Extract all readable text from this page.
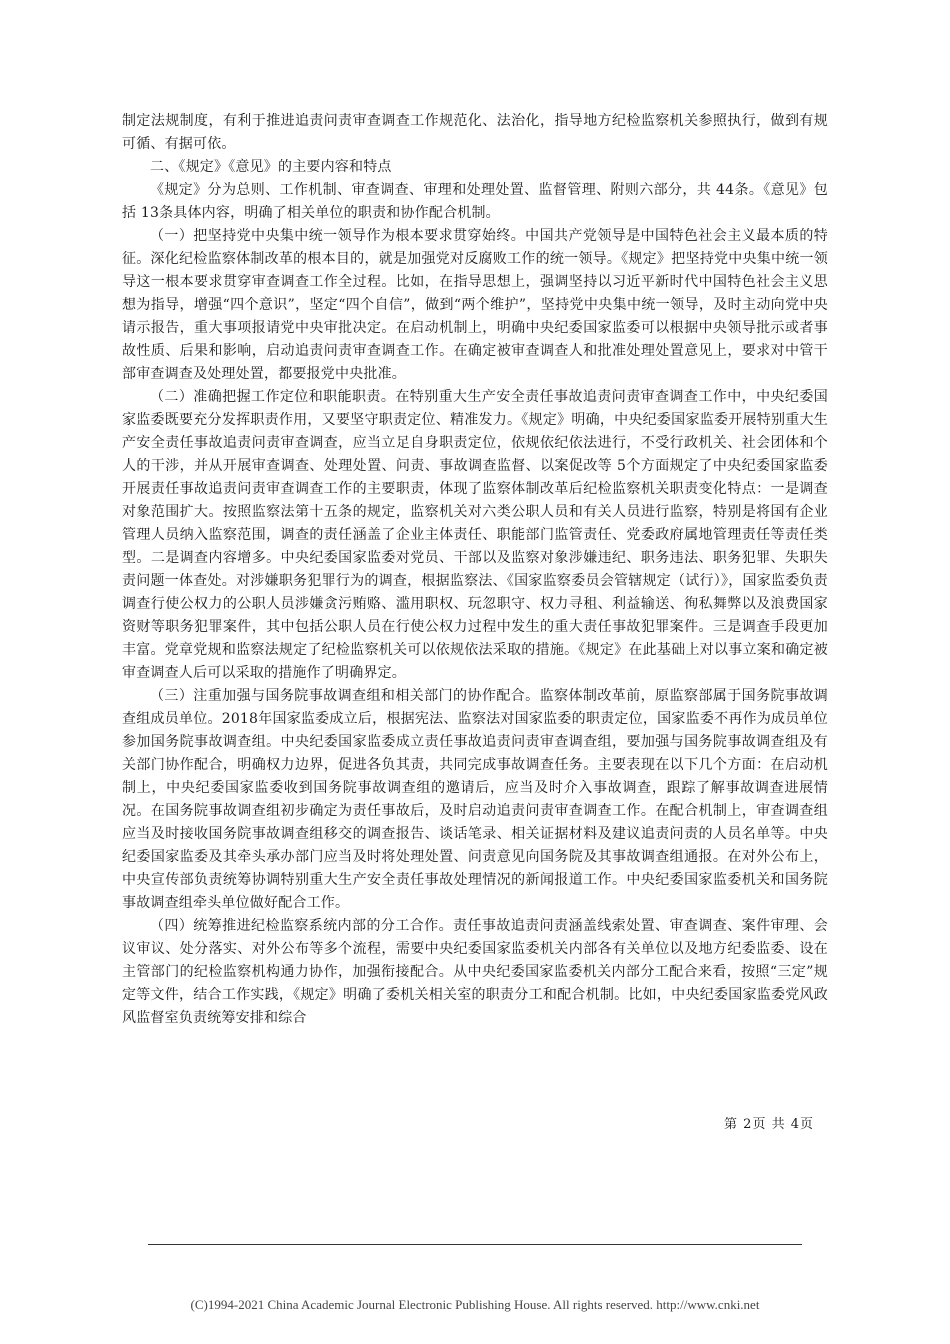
制定法规制度，有利于推进追责问责审查调查工作规范化、法治化，指导地方纪检监察机关参照执行，做到有规可循、有据可依。

二、《规定》《意见》的主要内容和特点

《规定》分为总则、工作机制、审查调查、审理和处理处置、监督管理、附则六部分，共 44条。《意见》包括 13条具体内容，明确了相关单位的职责和协作配合机制。

（一）把坚持党中央集中统一领导作为根本要求贯穿始终。中国共产党领导是中国特色社会主义最本质的特征。深化纪检监察体制改革的根本目的，就是加强党对反腐败工作的统一领导。《规定》把坚持党中央集中统一领导这一根本要求贯穿审查调查工作全过程。比如，在指导思想上，强调坚持以习近平新时代中国特色社会主义思想为指导，增强“四个意识”，坚定“四个自信”，做到“两个维护”，坚持党中央集中统一领导，及时主动向党中央请示报告，重大事项报请党中央审批决定。在启动机制上，明确中央纪委国家监委可以根据中央领导批示或者事故性质、后果和影响，启动追责问责审查调查工作。在确定被审查调查人和批准处理处置意见上，要求对中管干部审查调查及处理处置，都要报党中央批准。

（二）准确把握工作定位和职能职责。在特别重大生产安全责任事故追责问责审查调查工作中，中央纪委国家监委既要充分发挥职责作用，又要坚守职责定位、精准发力。《规定》明确，中央纪委国家监委开展特别重大生产安全责任事故追责问责审查调查，应当立足自身职责定位，依规依纪依法进行，不受行政机关、社会团体和个人的干涉，并从开展审查调查、处理处置、问责、事故调查监督、以案促改等 5个方面规定了中央纪委国家监委开展责任事故追责问责审查调查工作的主要职责，体现了监察体制改革后纪检监察机关职责变化特点：一是调查对象范围扩大。按照监察法第十五条的规定，监察机关对六类公职人员和有关人员进行监察，特别是将国有企业管理人员纳入监察范围，调查的责任涵盖了企业主体责任、职能部门监管责任、党委政府属地管理责任等责任类型。二是调查内容增多。中央纪委国家监委对党员、干部以及监察对象涉嫌违纪、职务违法、职务犯罪、失职失责问题一体查处。对涉嫌职务犯罪行为的调查，根据监察法、《国家监察委员会管辖规定（试行）》，国家监委负责调查行使公权力的公职人员涉嫌贪污贿赂、滥用职权、玩忽职守、权力寻租、利益输送、徇私舞弊以及浪费国家资财等职务犯罪案件，其中包括公职人员在行使公权力过程中发生的重大责任事故犯罪案件。三是调查手段更加丰富。党章党规和监察法规定了纪检监察机关可以依规依法采取的措施。《规定》在此基础上对以事立案和确定被审查调查人后可以采取的措施作了明确界定。

（三）注重加强与国务院事故调查组和相关部门的协作配合。监察体制改革前，原监察部属于国务院事故调查组成员单位。2018年国家监委成立后，根据宪法、监察法对国家监委的职责定位，国家监委不再作为成员单位参加国务院事故调查组。中央纪委国家监委成立责任事故追责问责审查调查组，要加强与国务院事故调查组及有关部门协作配合，明确权力边界，促进各负其责，共同完成事故调查任务。主要表现在以下几个方面：在启动机制上，中央纪委国家监委收到国务院事故调查组的邀请后，应当及时介入事故调查，跟踪了解事故调查进展情况。在国务院事故调查组初步确定为责任事故后，及时启动追责问责审查调查工作。在配合机制上，审查调查组应当及时接收国务院事故调查组移交的调查报告、谈话笔录、相关证据材料及建议追责问责的人员名单等。中央纪委国家监委及其牵头承办部门应当及时将处理处置、问责意见向国务院及其事故调查组通报。在对外公布上，中央宣传部负责统筹协调特别重大生产安全责任事故处理情况的新闻报道工作。中央纪委国家监委机关和国务院事故调查组牵头单位做好配合工作。

（四）统筹推进纪检监察系统内部的分工合作。责任事故追责问责涵盖线索处置、审查调查、案件审理、会议审议、处分落实、对外公布等多个流程，需要中央纪委国家监委机关内部各有关单位以及地方纪委监委、设在主管部门的纪检监察机构通力协作，加强衔接配合。从中央纪委国家监委机关内部分工配合来看，按照“三定”规定等文件，结合工作实践，《规定》明确了委机关相关室的职责分工和配合机制。比如，中央纪委国家监委党风政风监督室负责统筹安排和综合

第 2页 共 4页
(C)1994-2021 China Academic Journal Electronic Publishing House. All rights reserved. http://www.cnki.net
